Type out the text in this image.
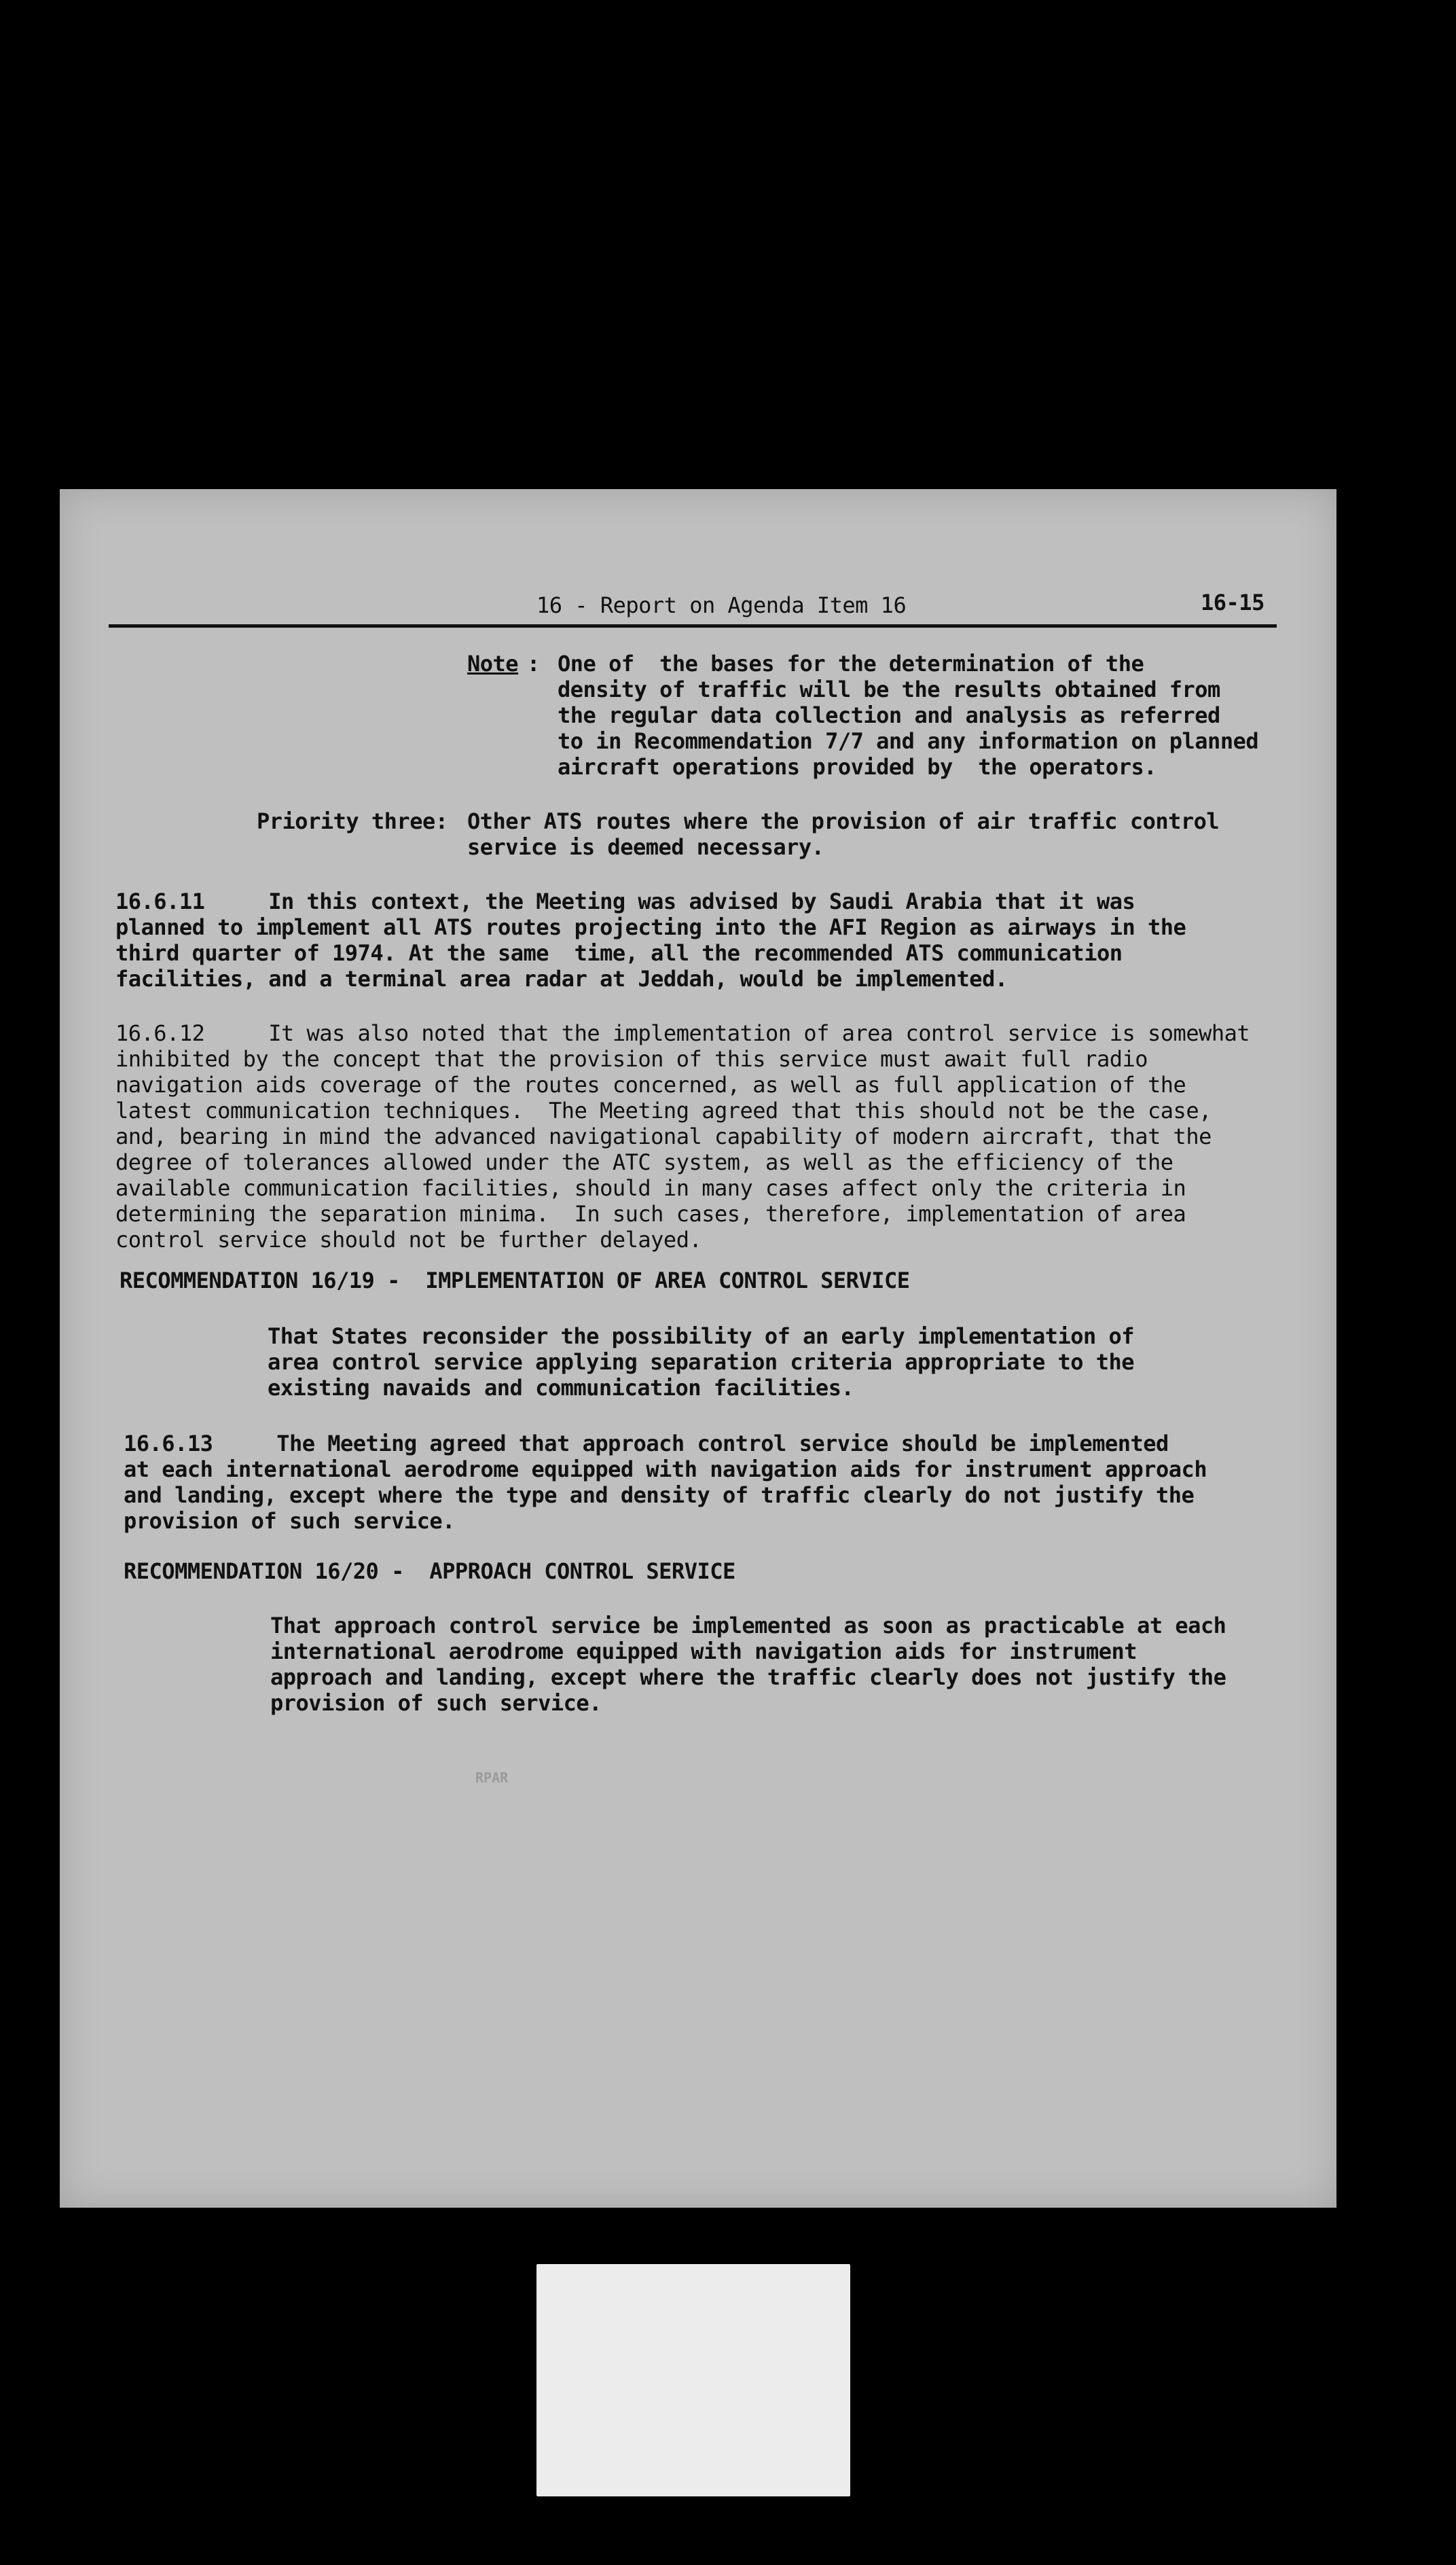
16 - Report on Agenda Item 16	16-15
Note : One of  the bases for the determination of the
density of traffic will be the results obtained from
the regular data collection and analysis as referred
to in Recommendation 7/7 and any information on planned
aircraft operations provided by  the operators.
Priority three: Other ATS routes where the provision of air traffic control
service is deemed necessary.
16.6.11     In this context, the Meeting was advised by Saudi Arabia that it was
planned to implement all ATS routes projecting into the AFI Region as airways in the
third quarter of 1974. At the same  time, all the recommended ATS communication
facilities, and a terminal area radar at Jeddah, would be implemented.
16.6.12     It was also noted that the implementation of area control service is somewhat
inhibited by the concept that the provision of this service must await full radio
navigation aids coverage of the routes concerned, as well as full application of the
latest communication techniques.  The Meeting agreed that this should not be the case,
and, bearing in mind the advanced navigational capability of modern aircraft, that the
degree of tolerances allowed under the ATC system, as well as the efficiency of the
available communication facilities, should in many cases affect only the criteria in
determining the separation minima.  In such cases, therefore, implementation of area
control service should not be further delayed.
RECOMMENDATION 16/19 -  IMPLEMENTATION OF AREA CONTROL SERVICE
That States reconsider the possibility of an early implementation of
area control service applying separation criteria appropriate to the
existing navaids and communication facilities.
16.6.13     The Meeting agreed that approach control service should be implemented
at each international aerodrome equipped with navigation aids for instrument approach
and landing, except where the type and density of traffic clearly do not justify the
provision of such service.
RECOMMENDATION 16/20 -  APPROACH CONTROL SERVICE
That approach control service be implemented as soon as practicable at each
international aerodrome equipped with navigation aids for instrument
approach and landing, except where the traffic clearly does not justify the
provision of such service.
RPAR
